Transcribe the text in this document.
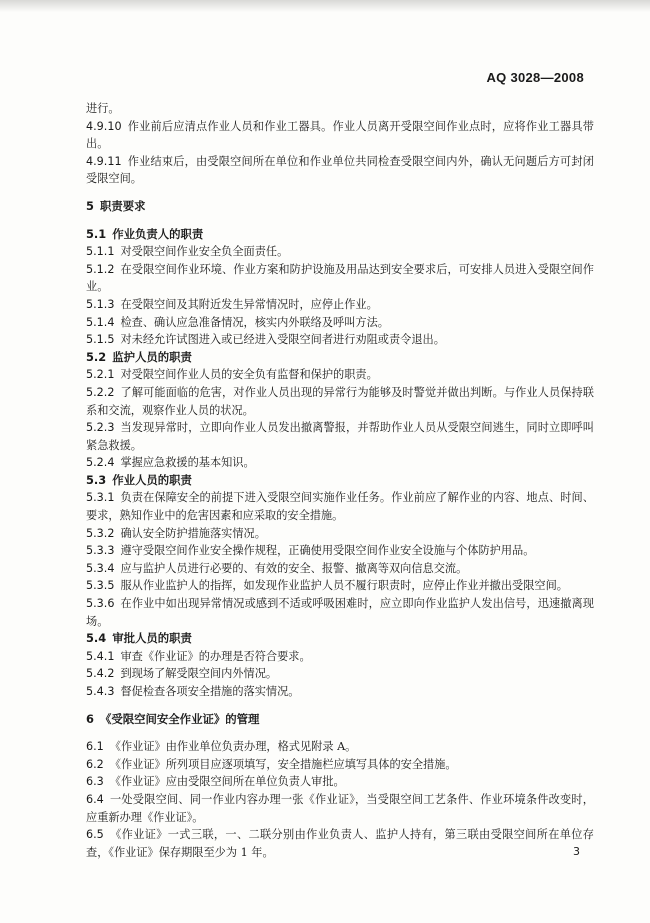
AQ 3028—2008
进行。
4.9.10 作业前后应清点作业人员和作业工器具。作业人员离开受限空间作业点时，应将作业工器具带出。
4.9.11 作业结束后，由受限空间所在单位和作业单位共同检查受限空间内外，确认无问题后方可封闭受限空间。
5 职责要求
5.1 作业负责人的职责
5.1.1 对受限空间作业安全负全面责任。
5.1.2 在受限空间作业环境、作业方案和防护设施及用品达到安全要求后，可安排人员进入受限空间作业。
5.1.3 在受限空间及其附近发生异常情况时，应停止作业。
5.1.4 检查、确认应急准备情况，核实内外联络及呼叫方法。
5.1.5 对未经允许试图进入或已经进入受限空间者进行劝阻或责令退出。
5.2 监护人员的职责
5.2.1 对受限空间作业人员的安全负有监督和保护的职责。
5.2.2 了解可能面临的危害，对作业人员出现的异常行为能够及时警觉并做出判断。与作业人员保持联系和交流，观察作业人员的状况。
5.2.3 当发现异常时，立即向作业人员发出撤离警报，并帮助作业人员从受限空间逃生，同时立即呼叫紧急救援。
5.2.4 掌握应急救援的基本知识。
5.3 作业人员的职责
5.3.1 负责在保障安全的前提下进入受限空间实施作业任务。作业前应了解作业的内容、地点、时间、要求，熟知作业中的危害因素和应采取的安全措施。
5.3.2 确认安全防护措施落实情况。
5.3.3 遵守受限空间作业安全操作规程，正确使用受限空间作业安全设施与个体防护用品。
5.3.4 应与监护人员进行必要的、有效的安全、报警、撤离等双向信息交流。
5.3.5 服从作业监护人的指挥，如发现作业监护人员不履行职责时，应停止作业并撤出受限空间。
5.3.6 在作业中如出现异常情况或感到不适或呼吸困难时，应立即向作业监护人发出信号，迅速撤离现场。
5.4 审批人员的职责
5.4.1 审查《作业证》的办理是否符合要求。
5.4.2 到现场了解受限空间内外情况。
5.4.3 督促检查各项安全措施的落实情况。
6 《受限空间安全作业证》的管理
6.1 《作业证》由作业单位负责办理，格式见附录 A。
6.2 《作业证》所列项目应逐项填写，安全措施栏应填写具体的安全措施。
6.3 《作业证》应由受限空间所在单位负责人审批。
6.4 一处受限空间、同一作业内容办理一张《作业证》，当受限空间工艺条件、作业环境条件改变时，应重新办理《作业证》。
6.5 《作业证》一式三联，一、二联分别由作业负责人、监护人持有，第三联由受限空间所在单位存查，《作业证》保存期限至少为 1 年。	3
